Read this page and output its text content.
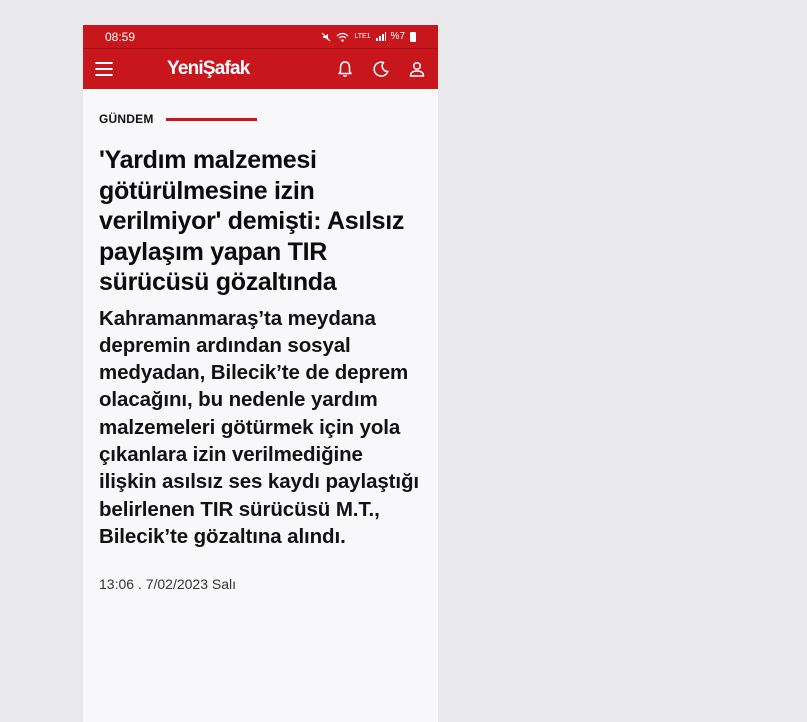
08:59	LTE1 %7
YeniŞafak
GÜNDEM
'Yardım malzemesi götürülmesine izin verilmiyor' demişti: Asılsız paylaşım yapan TIR sürücüsü gözaltında

Kahramanmaraş’ta meydana depremin ardından sosyal medyadan, Bilecik’te de deprem olacağını, bu nedenle yardım malzemeleri götürmek için yola çıkanlara izin verilmediğine ilişkin asılsız ses kaydı paylaştığı belirlenen TIR sürücüsü M.T., Bilecik’te gözaltına alındı.

13:06 . 7/02/2023 Salı
